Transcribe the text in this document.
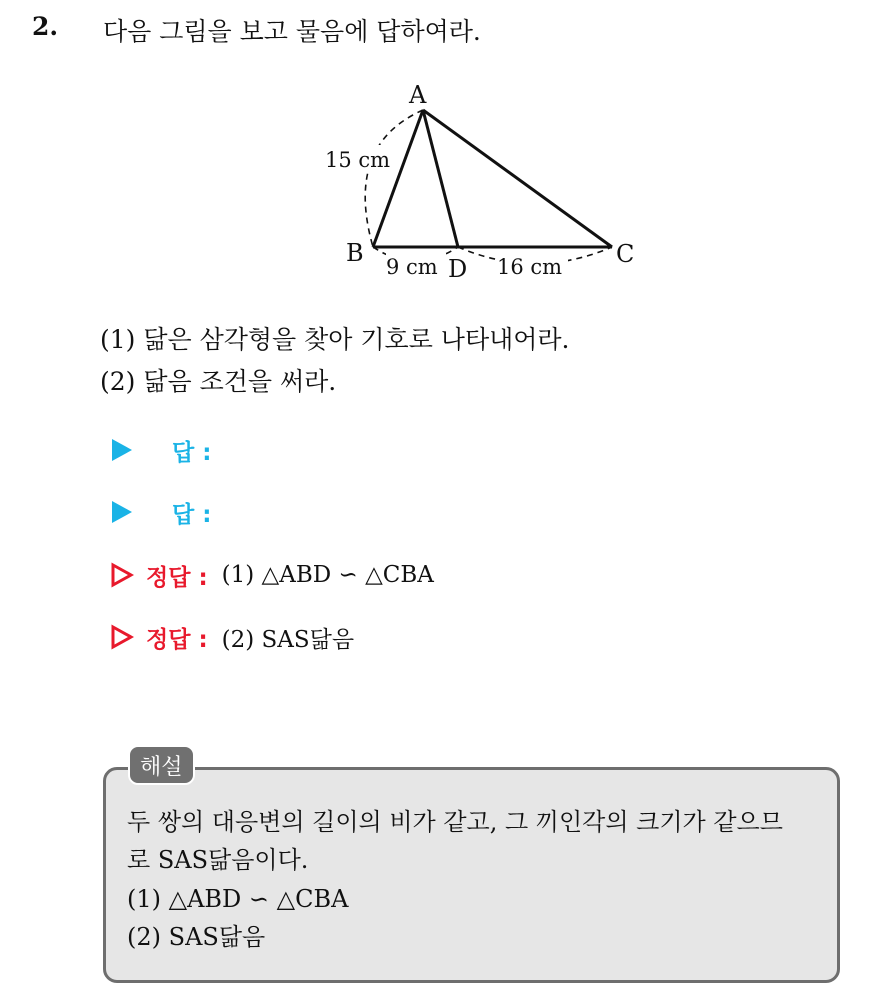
2. 다음 그림을 보고 물음에 답하여라.
A
B	C
D
15 cm
9 cm	16 cm
(1) 닮은 삼각형을 찾아 기호로 나타내어라.
(2) 닮음 조건을 써라.
답 :
답 :
정답 : (1) △ABD ∽ △CBA
정답 : (2) SAS닮음
해설
두 쌍의 대응변의 길이의 비가 같고, 그 끼인각의 크기가 같으므
로 SAS닮음이다.
(1) △ABD ∽ △CBA
(2) SAS닮음
